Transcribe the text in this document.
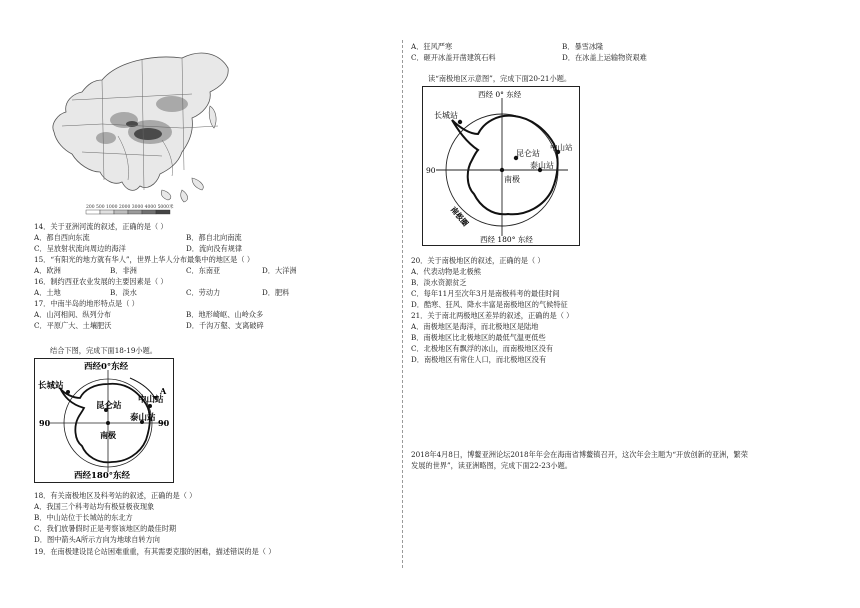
200 500 1000 2000 3000 4000 5000米
14．关于亚洲河流的叙述，正确的是（ ）
A．都自西向东流	B．都自北向南流
C．呈放射状流向周边的海洋	D．流向没有规律
15．“有阳光的地方就有华人”，世界上华人分布最集中的地区是（ ）
A．欧洲	B．非洲	C．东南亚	D．大洋洲
16．制约西亚农业发展的主要因素是（ ）
A．土地	B．淡水	C．劳动力	D．肥料
17．中南半岛的地形特点是（ ）
A．山河相间、纵列分布	B．地形崎岖、山岭众多
C．平原广大、土壤肥沃	D．千沟万壑、支离破碎
结合下图，完成下面18-19小题。
西经0°东经
西经180°东经
90	90
长城站
昆仑站
中山站
泰山站
南极
A
18．有关南极地区及科考站的叙述，正确的是（ ）
A．我国三个科考站均有极昼极夜现象
B．中山站位于长城站的东北方
C．我们放暑假时正是考察该地区的最佳时期
D．图中箭头A所示方向为地球自转方向
19．在南极建设昆仑站困难重重，有其需要克服的困难，描述错误的是（ ）
A．狂风严寒	B．暴雪冰隆
C．砸开冰盖开凿建筑石料	D．在冰盖上运输物资艰难
读“南极地区示意图”，完成下面20-21小题。
西经 0° 东经
西经 180° 东经
90
长城站
昆仑站
中山站
泰山站
南极
南极圈
20．关于南极地区的叙述，正确的是（ ）
A．代表动物是北极熊
B．淡水资源贫乏
C．每年11月至次年3月是南极科考的最佳时间
D．酷寒、狂风、降水丰富是南极地区的气候特征
21．关于南北两极地区差异的叙述，正确的是（ ）
A．南极地区是海洋，而北极地区是陆地
B．南极地区比北极地区的最低气温更低些
C．北极地区有飘浮的冰山，而南极地区没有
D．南极地区有常住人口，而北极地区没有
2018年4月8日，博鳌亚洲论坛2018年年会在海南省博鳌镇召开，这次年会主题为“开放创新的亚洲，繁荣
发展的世界”，读亚洲略图，完成下面22-23小题。
